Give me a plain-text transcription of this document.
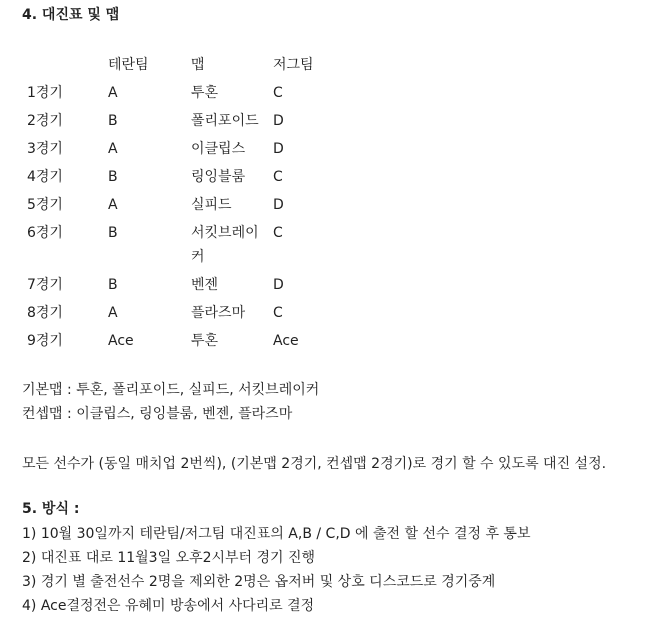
4. 대진표 및 맵
	테란팀	맵	저그팀
1경기	A	투혼	C
2경기	B	폴리포이드	D
3경기	A	이클립스	D
4경기	B	링잉블룸	C
5경기	A	실피드	D
6경기	B	서킷브레이커	C
7경기	B	벤젠	D
8경기	A	플라즈마	C
9경기	Ace	투혼	Ace
기본맵 : 투혼, 폴리포이드, 실피드, 서킷브레이커
컨셉맵 : 이클립스, 링잉블룸, 벤젠, 플라즈마
모든 선수가 (동일 매치업 2번씩), (기본맵 2경기, 컨셉맵 2경기)로 경기 할 수 있도록 대진 설정.
5. 방식 :
1) 10월 30일까지 테란팀/저그팀 대진표의 A,B / C,D 에 출전 할 선수 결정 후 통보
2) 대진표 대로 11월3일 오후2시부터 경기 진행
3) 경기 별 출전선수 2명을 제외한 2명은 옵저버 및 상호 디스코드로 경기중계
4) Ace결정전은 유혜미 방송에서 사다리로 결정
